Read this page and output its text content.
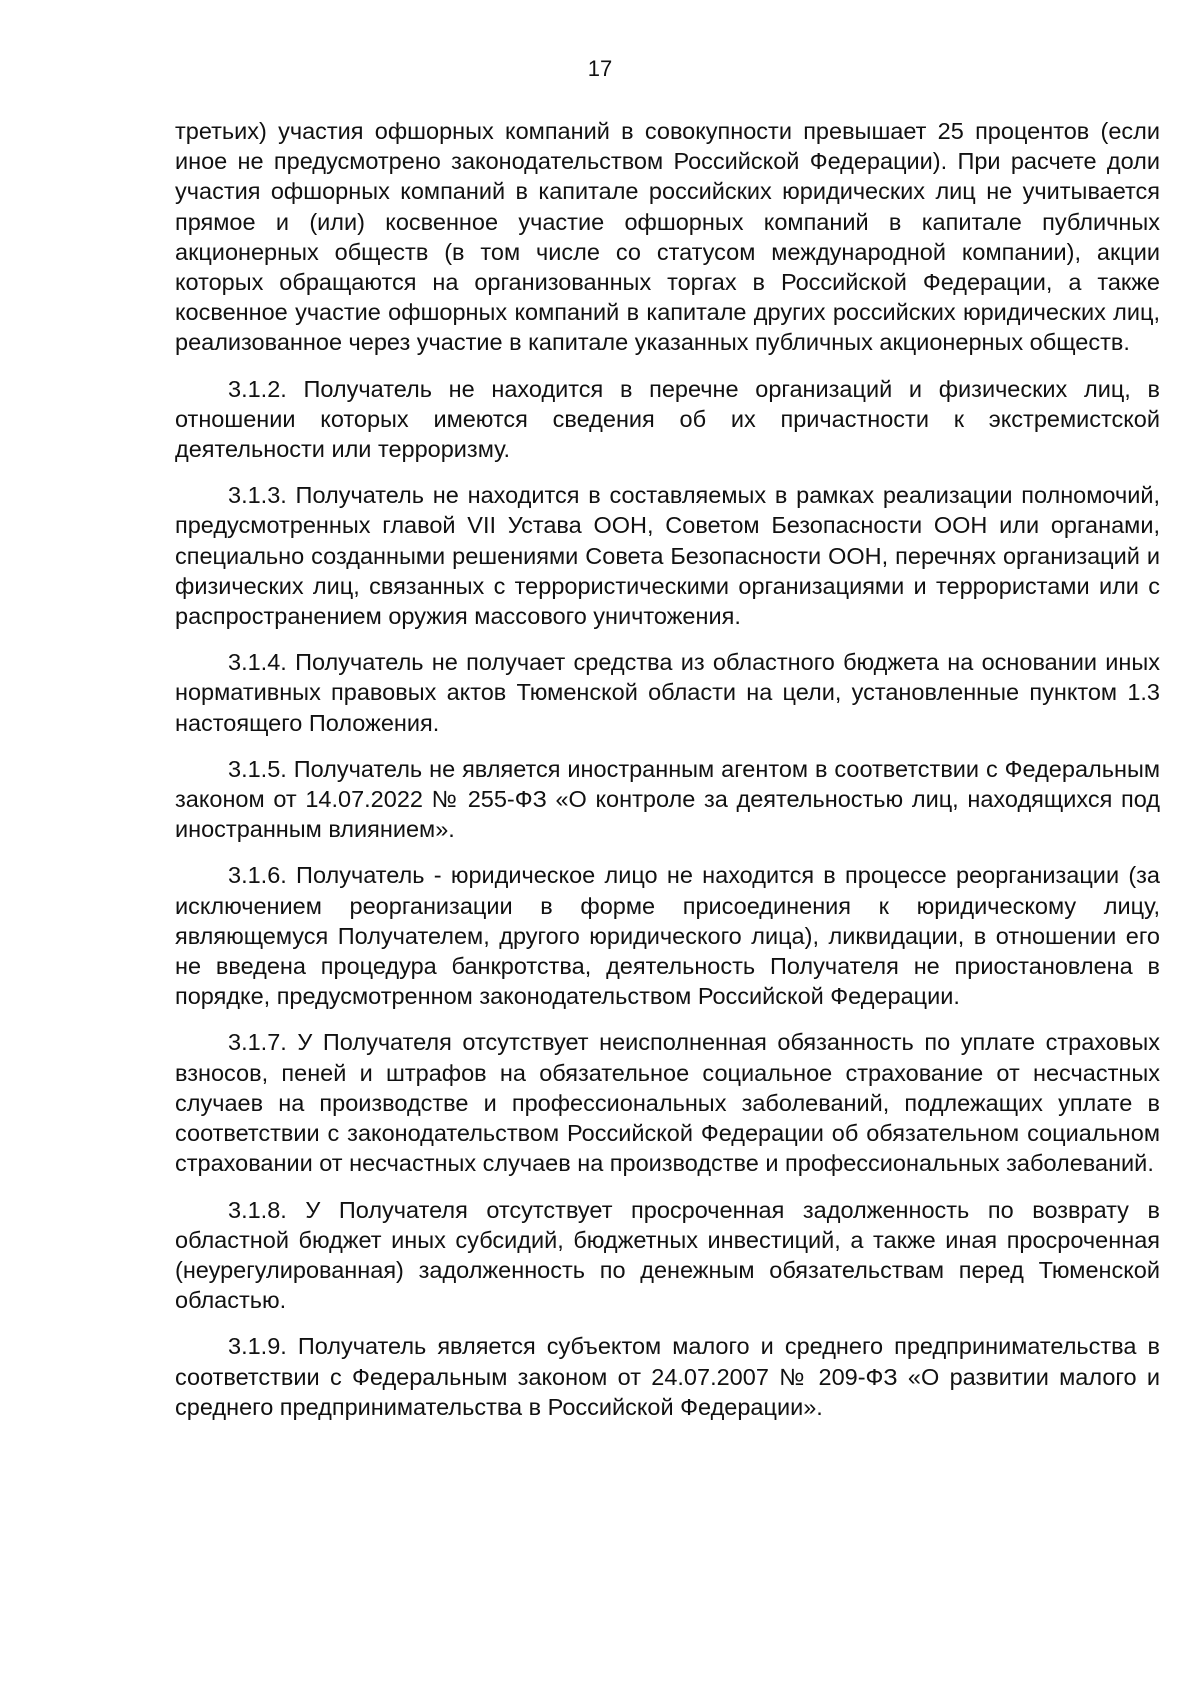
17

третьих) участия офшорных компаний в совокупности превышает 25 процентов (если иное не предусмотрено законодательством Российской Федерации). При расчете доли участия офшорных компаний в капитале российских юридических лиц не учитывается прямое и (или) косвенное участие офшорных компаний в капитале публичных акционерных обществ (в том числе со статусом международной компании), акции которых обращаются на организованных торгах в Российской Федерации, а также косвенное участие офшорных компаний в капитале других российских юридических лиц, реализованное через участие в капитале указанных публичных акционерных обществ.

3.1.2. Получатель не находится в перечне организаций и физических лиц, в отношении которых имеются сведения об их причастности к экстремистской деятельности или терроризму.

3.1.3. Получатель не находится в составляемых в рамках реализации полномочий, предусмотренных главой VII Устава ООН, Советом Безопасности ООН или органами, специально созданными решениями Совета Безопасности ООН, перечнях организаций и физических лиц, связанных с террористическими организациями и террористами или с распространением оружия массового уничтожения.

3.1.4. Получатель не получает средства из областного бюджета на основании иных нормативных правовых актов Тюменской области на цели, установленные пунктом 1.3 настоящего Положения.

3.1.5. Получатель не является иностранным агентом в соответствии с Федеральным законом от 14.07.2022 № 255-ФЗ «О контроле за деятельностью лиц, находящихся под иностранным влиянием».

3.1.6. Получатель - юридическое лицо не находится в процессе реорганизации (за исключением реорганизации в форме присоединения к юридическому лицу, являющемуся Получателем, другого юридического лица), ликвидации, в отношении его не введена процедура банкротства, деятельность Получателя не приостановлена в порядке, предусмотренном законодательством Российской Федерации.

3.1.7. У Получателя отсутствует неисполненная обязанность по уплате страховых взносов, пеней и штрафов на обязательное социальное страхование от несчастных случаев на производстве и профессиональных заболеваний, подлежащих уплате в соответствии с законодательством Российской Федерации об обязательном социальном страховании от несчастных случаев на производстве и профессиональных заболеваний.

3.1.8. У Получателя отсутствует просроченная задолженность по возврату в областной бюджет иных субсидий, бюджетных инвестиций, а также иная просроченная (неурегулированная) задолженность по денежным обязательствам перед Тюменской областью.

3.1.9. Получатель является субъектом малого и среднего предпринимательства в соответствии с Федеральным законом от 24.07.2007 № 209-ФЗ «О развитии малого и среднего предпринимательства в Российской Федерации».
